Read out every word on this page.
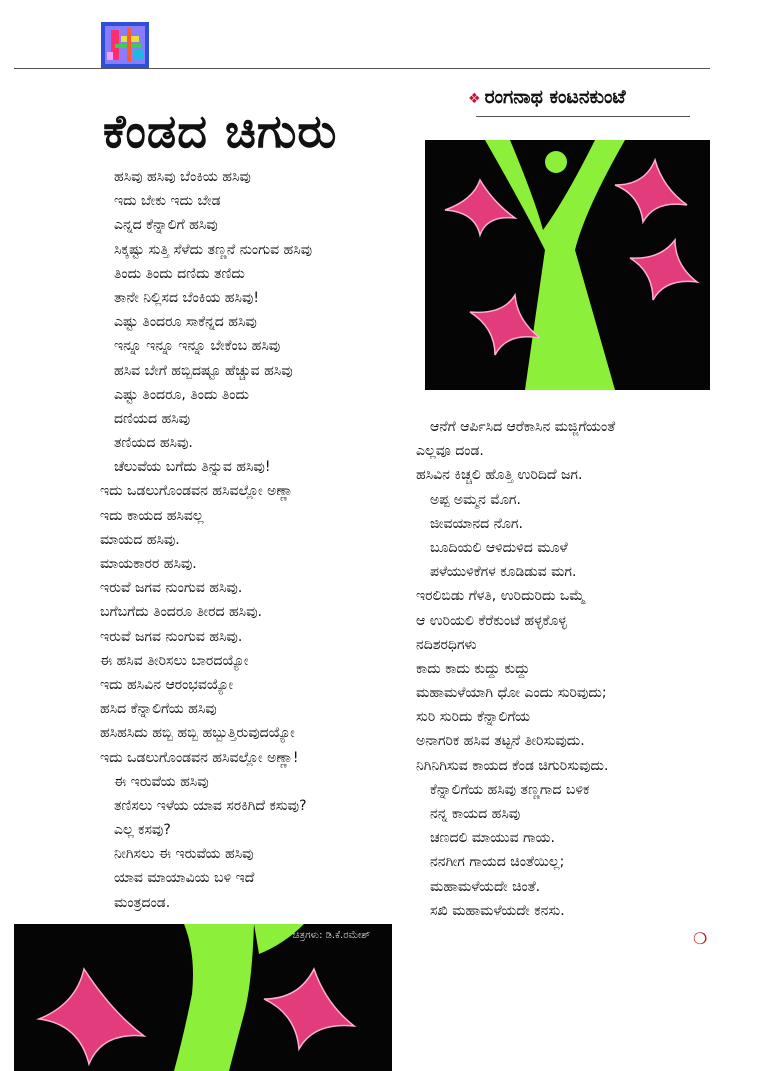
❖ ರಂಗನಾಥ ಕಂಟನಕುಂಟೆ
ಕೆಂಡದ ಚಿಗುರು
ಹಸಿವು ಹಸಿವು ಬೆಂಕಿಯ ಹಸಿವು
ಇದು ಬೇಕು ಇದು ಬೇಡ
ಎನ್ನದ ಕೆನ್ನಾಲಿಗೆ ಹಸಿವು
ಸಿಕ್ಕಷ್ಟು ಸುತ್ತಿ ಸೆಳೆದು ತಣ್ಣನೆ ನುಂಗುವ ಹಸಿವು
ತಿಂದು ತಿಂದು ದಣಿದು ತಣಿದು
ತಾನೇ ನಿಲ್ಲಿಸದ ಬೆಂಕಿಯ ಹಸಿವು!
ಎಷ್ಟು ತಿಂದರೂ ಸಾಕೆನ್ನದ ಹಸಿವು
ಇನ್ನೂ ಇನ್ನೂ ಇನ್ನೂ ಬೇಕೆಂಬ ಹಸಿವು
ಹಸಿವ ಬೇಗೆ ಹಬ್ಬಿದಷ್ಟೂ ಹೆಚ್ಚುವ ಹಸಿವು
ಎಷ್ಟು ತಿಂದರೂ, ತಿಂದು ತಿಂದು
ದಣಿಯದ ಹಸಿವು
ತಣಿಯದ ಹಸಿವು.
ಚೆಲುವೆಯ ಬಗೆದು ತಿನ್ನುವ ಹಸಿವು!
ಇದು ಒಡಲುಗೊಂಡವನ ಹಸಿವಲ್ಲೋ ಅಣ್ಣಾ
ಇದು ಕಾಯದ ಹಸಿವಲ್ಲ
ಮಾಯದ ಹಸಿವು.
ಮಾಯಕಾರರ ಹಸಿವು.
ಇರುವೆ ಜಗವ ನುಂಗುವ ಹಸಿವು.
ಬಗೆಬಗೆದು ತಿಂದರೂ ತೀರದ ಹಸಿವು.
ಇರುವೆ ಜಗವ ನುಂಗುವ ಹಸಿವು.
ಈ ಹಸಿವ ತೀರಿಸಲು ಬಾರದಯ್ಯೋ
ಇದು ಹಸಿವಿನ ಆರಂಭವಯ್ಯೋ
ಹಸಿದ ಕೆನ್ನಾಲಿಗೆಯ ಹಸಿವು
ಹಸಿಹಸಿದು ಹಬ್ಬಿ ಹಬ್ಬಿ ಹಬ್ಬುತ್ತಿರುವುದಯ್ಯೋ
ಇದು ಒಡಲುಗೊಂಡವನ ಹಸಿವಲ್ಲೋ ಅಣ್ಣಾ!
ಈ ಇರುವೆಯ ಹಸಿವು
ತಣಿಸಲು ಇಳೆಯ ಯಾವ ಸರಕಿಗಿದೆ ಕಸುವು?
ಎಲ್ಲ ಕಸವು?
ನೀಗಿಸಲು ಈ ಇರುವೆಯ ಹಸಿವು
ಯಾವ ಮಾಯಾವಿಯ ಬಳಿ ಇದೆ
ಮಂತ್ರದಂಡ.
ಆನೆಗೆ ಆರ್ಪಿಸಿದ ಆರೆಕಾಸಿನ ಮಜ್ಜಿಗೆಯಂತೆ
ಎಲ್ಲವೂ ದಂಡ.
ಹಸಿವಿನ ಕಿಚ್ಚಲಿ ಹೊತ್ತಿ ಉರಿದಿದೆ ಜಗ.
ಅಪ್ಪ ಅಮ್ಮನ ಮೊಗ.
ಜೀವಯಾನದ ನೊಗ.
ಬೂದಿಯಲಿ ಆಳಿದುಳಿದ ಮೂಳೆ
ಪಳೆಯುಳಿಕೆಗಳ ಕೂಡಿಡುವ ಮಗ.
ಇರಲಿಬಿಡು ಗೆಳತಿ, ಉರಿದುರಿದು ಒಮ್ಮೆ
ಆ ಉರಿಯಲಿ ಕೆರೆಕುಂಟೆ ಹಳ್ಳಕೊಳ್ಳ
ನದಿಶರಧಿಗಳು
ಕಾದು ಕಾದು ಕುದ್ದು ಕುದ್ದು
ಮಹಾಮಳೆಯಾಗಿ ಧೋ ಎಂದು ಸುರಿವುದು;
ಸುರಿ ಸುರಿದು ಕೆನ್ನಾಲಿಗೆಯ
ಅನಾಗರಿಕ ಹಸಿವ ತಟ್ಟನೆ ತೀರಿಸುವುದು.
ನಿಗಿನಿಗಿಸುವ ಕಾಯದ ಕೆಂಡ ಚಿಗುರಿಸುವುದು.
ಕೆನ್ನಾಲಿಗೆಯ ಹಸಿವು ತಣ್ಣಗಾದ ಬಳಿಕ
ನನ್ನ ಕಾಯದ ಹಸಿವು
ಚಣದಲಿ ಮಾಯುವ ಗಾಯ.
ನನಗೀಗ ಗಾಯದ ಚಿಂತೆಯಿಲ್ಲ;
ಮಹಾಮಳೆಯದೇ ಚಿಂತೆ.
ಸಖಿ ಮಹಾಮಳೆಯದೇ ಕನಸು.
❍
ಚಿತ್ರಗಳು: ಡಿ.ಕೆ.ರಮೇಶ್
